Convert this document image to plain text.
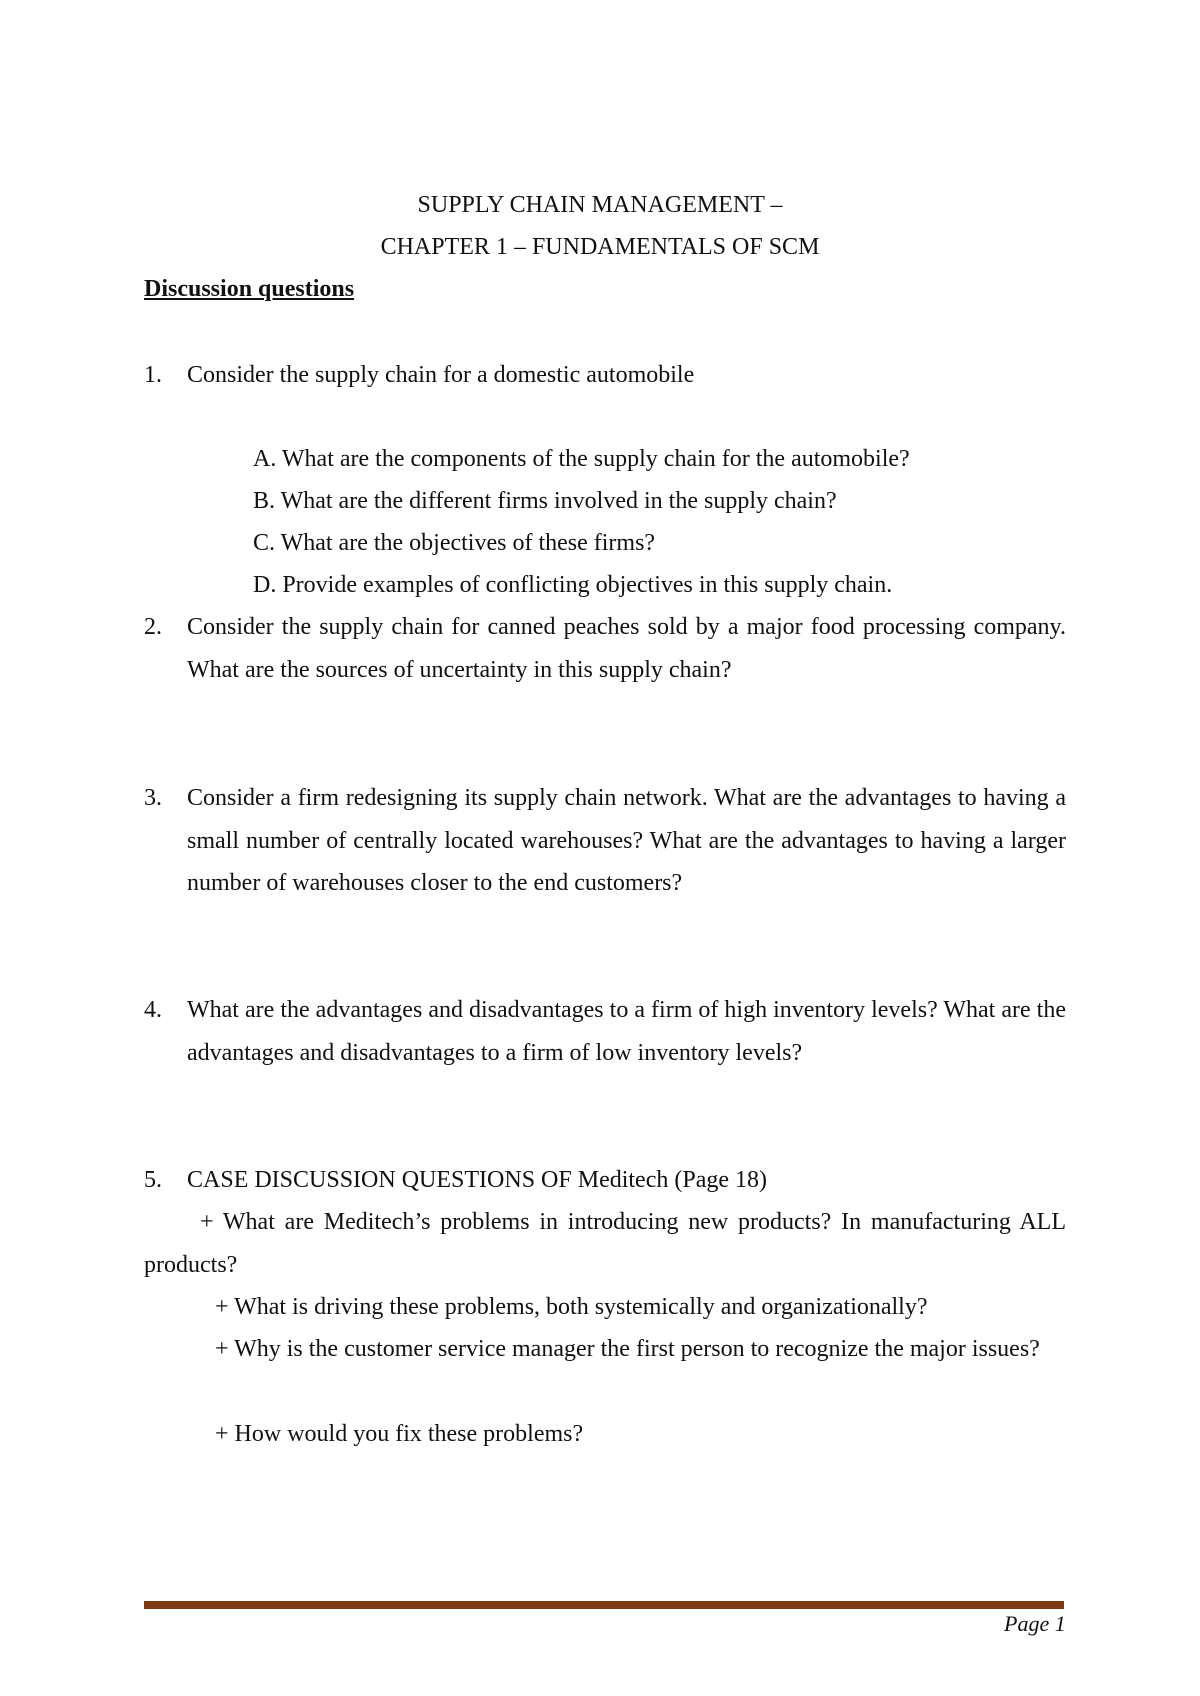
SUPPLY CHAIN MANAGEMENT –
CHAPTER 1 – FUNDAMENTALS OF SCM
Discussion questions
1. Consider the supply chain for a domestic automobile
A. What are the components of the supply chain for the automobile?
B. What are the different firms involved in the supply chain?
C. What are the objectives of these firms?
D. Provide examples of conflicting objectives in this supply chain.
2. Consider the supply chain for canned peaches sold by a major food processing company. What are the sources of uncertainty in this supply chain?
3. Consider a firm redesigning its supply chain network. What are the advantages to having a small number of centrally located warehouses? What are the advantages to having a larger number of warehouses closer to the end customers?
4. What are the advantages and disadvantages to a firm of high inventory levels? What are the advantages and disadvantages to a firm of low inventory levels?
5. CASE DISCUSSION QUESTIONS OF Meditech (Page 18)
+ What are Meditech’s problems in introducing new products? In manufacturing ALL products?
+ What is driving these problems, both systemically and organizationally?
+ Why is the customer service manager the first person to recognize the major issues?
+ How would you fix these problems?
Page 1
